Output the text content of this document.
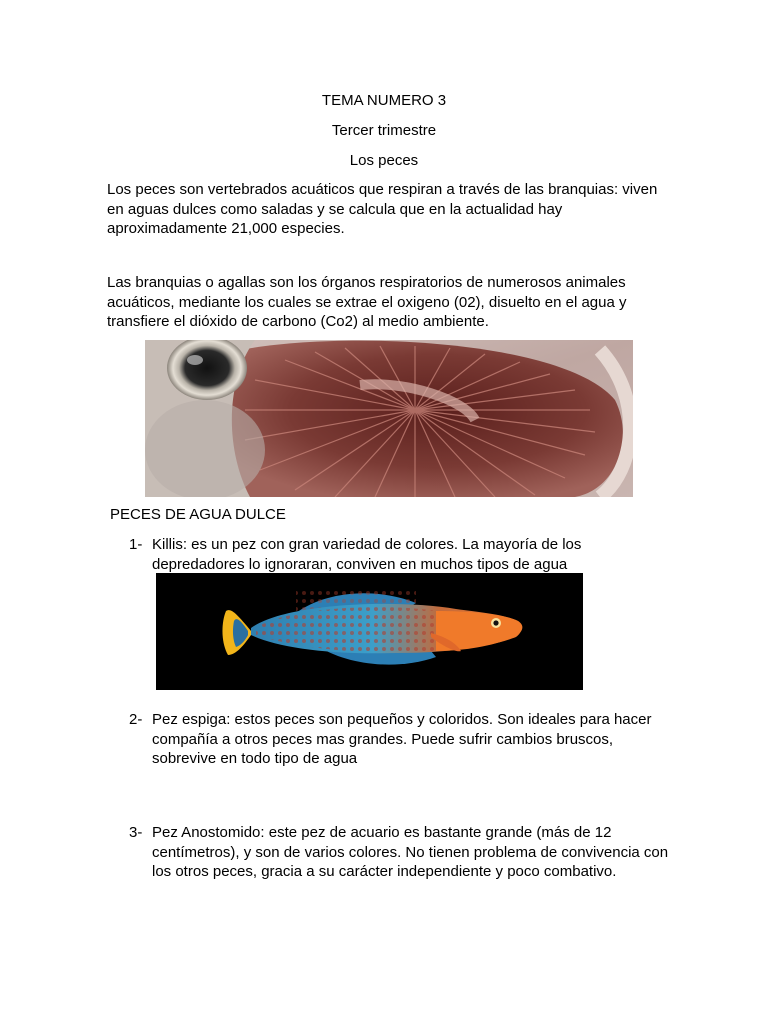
TEMA NUMERO 3
Tercer trimestre
Los peces
Los peces son vertebrados acuáticos que respiran a través de las branquias: viven en aguas dulces como saladas y se calcula que en la actualidad hay aproximadamente 21,000 especies.
Las branquias o agallas son los órganos respiratorios de numerosos animales acuáticos, mediante los cuales se extrae el oxigeno (02), disuelto en el agua y transfiere el dióxido de carbono (Co2) al medio ambiente.
PECES DE AGUA DULCE
1- Killis: es un pez con gran variedad de colores. La mayoría de los depredadores lo ignoraran, conviven en muchos tipos de agua
2- Pez espiga: estos peces son pequeños y coloridos. Son ideales para hacer compañía a otros peces mas grandes. Puede sufrir cambios bruscos, sobrevive en todo tipo de agua
3- Pez Anostomido: este pez de acuario es bastante grande (más de 12 centímetros), y son de varios colores. No tienen problema de convivencia con los otros peces, gracia a su carácter independiente y poco combativo.
